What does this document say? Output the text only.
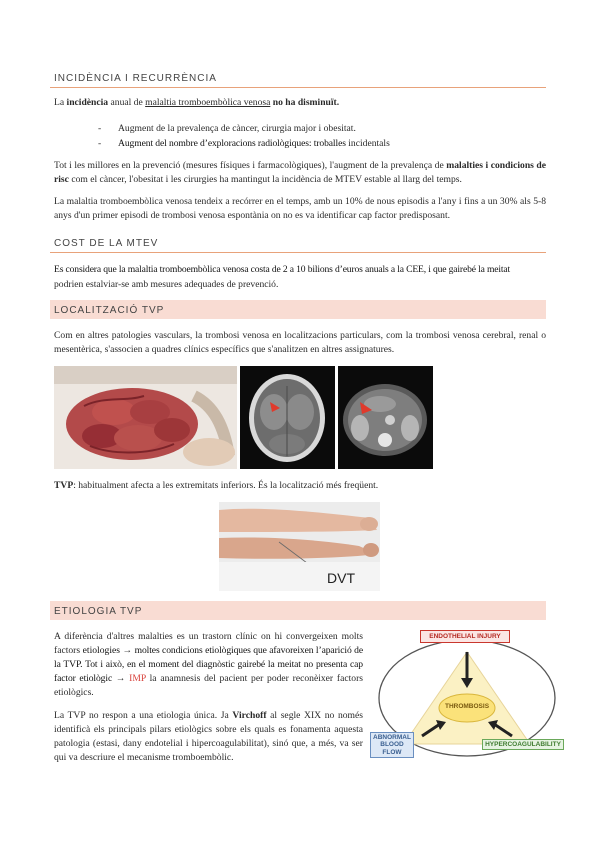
INCIDÈNCIA I RECURRÈNCIA

La incidència anual de malaltia tromboembòlica venosa no ha disminuït.

- Augment de la prevalença de càncer, cirurgia major i obesitat.

- Augment del nombre d’exploracions radiològiques: troballes incidentals

Tot i les millores en la prevenció (mesures físiques i farmacològiques), l'augment de la prevalença de malalties i condicions de risc com el càncer, l'obesitat i les cirurgies ha mantingut la incidència de MTEV estable al llarg del temps.

La malaltia tromboembòlica venosa tendeix a recórrer en el temps, amb un 10% de nous episodis a l'any i fins a un 30% als 5-8 anys d'un primer episodi de trombosi venosa espontània on no es va identificar cap factor predisposant.

COST DE LA MTEV

Es considera que la malaltia tromboembòlica venosa costa de 2 a 10 bilions d’euros anuals a la CEE, i que gairebé la meitat

podrien estalviar-se amb mesures adequades de prevenció.

LOCALITZACIÓ TVP

Com en altres patologies vasculars, la trombosi venosa en localitzacions particulars, com la trombosi venosa cerebral, renal o mesentèrica, s'associen a quadres clínics específics que s'analitzen en altres assignatures.

TVP: habitualment afecta a les extremitats inferiors. És la localització més freqüent.

DVT
ETIOLOGIA TVP

A diferència d'altres malalties es un trastorn clínic on hi convergeixen molts factors etiologies → moltes condicions etiològiques que afavoreixen l’aparició de la TVP. Tot i això, en el moment del diagnòstic gairebé la meitat no presenta cap factor etiològic → IMP la anamnesis del pacient per poder reconèixer factors etiològics.

La TVP no respon a una etiologia única. Ja Virchoff al segle XIX no només identificà els principals pilars etiològics sobre els quals es fonamenta aquesta patologia (estasi, dany endotelial i hipercoagulabilitat), sinó que, a més, va ser qui va descriure el mecanisme tromboembòlic.

ENDOTHELIAL INJURY
THROMBOSIS
ABNORMAL BLOOD FLOW
HYPERCOAGULABILITY
